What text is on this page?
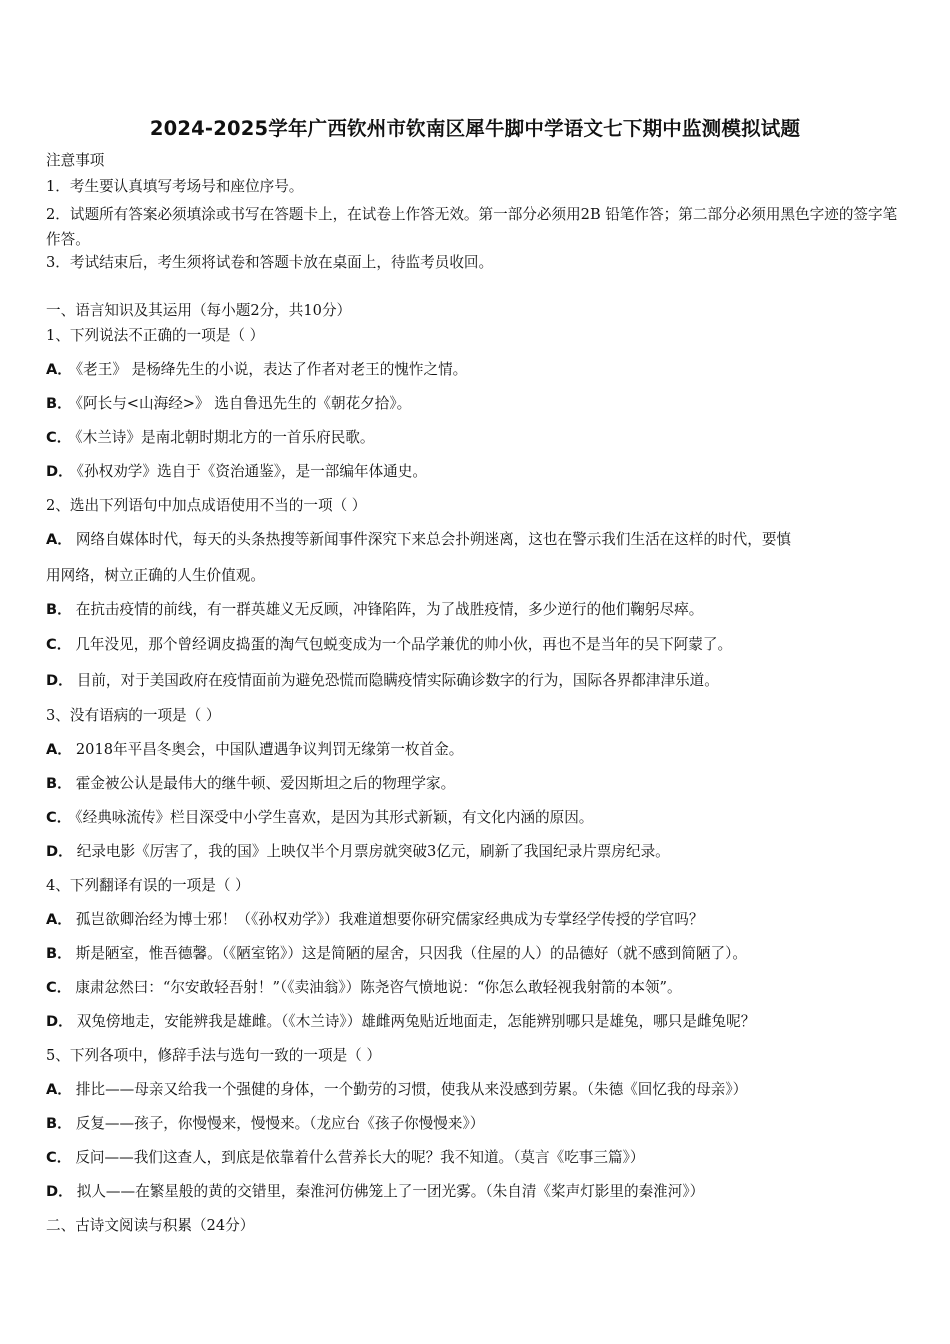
2024-2025学年广西钦州市钦南区犀牛脚中学语文七下期中监测模拟试题
注意事项
1．考生要认真填写考场号和座位序号。
2．试题所有答案必须填涂或书写在答题卡上，在试卷上作答无效。第一部分必须用2B 铅笔作答；第二部分必须用黑色字迹的签字笔作答。
3．考试结束后，考生须将试卷和答题卡放在桌面上，待监考员收回。
一、语言知识及其运用（每小题2分，共10分）
1、下列说法不正确的一项是（ ）
A． 《老王》 是杨绛先生的小说，表达了作者对老王的愧怍之情。
B． 《阿长与<山海经>》 选自鲁迅先生的《朝花夕拾》。
C． 《木兰诗》是南北朝时期北方的一首乐府民歌。
D． 《孙权劝学》选自于《资治通鉴》，是一部编年体通史。
2、选出下列语句中加点成语使用不当的一项（ ）
A． 网络自媒体时代，每天的头条热搜等新闻事件深究下来总会扑朔迷离，这也在警示我们生活在这样的时代，要慎
用网络，树立正确的人生价值观。
B． 在抗击疫情的前线，有一群英雄义无反顾，冲锋陷阵，为了战胜疫情，多少逆行的他们鞠躬尽瘁。
C． 几年没见，那个曾经调皮捣蛋的淘气包蜕变成为一个品学兼优的帅小伙，再也不是当年的吴下阿蒙了。
D． 目前，对于美国政府在疫情面前为避免恐慌而隐瞒疫情实际确诊数字的行为，国际各界都津津乐道。
3、没有语病的一项是（ ）
A． 2018年平昌冬奥会，中国队遭遇争议判罚无缘第一枚首金。
B． 霍金被公认是最伟大的继牛顿、爱因斯坦之后的物理学家。
C． 《经典咏流传》栏目深受中小学生喜欢，是因为其形式新颖，有文化内涵的原因。
D． 纪录电影《厉害了，我的国》上映仅半个月票房就突破3亿元，刷新了我国纪录片票房纪录。
4、下列翻译有误的一项是（ ）
A． 孤岂欲卿治经为博士邪！（《孙权劝学》）我难道想要你研究儒家经典成为专掌经学传授的学官吗？
B． 斯是陋室，惟吾德馨。（《陋室铭》）这是简陋的屋舍，只因我（住屋的人）的品德好（就不感到简陋了）。
C． 康肃忿然曰：“尔安敢轻吾射！”（《卖油翁》）陈尧咨气愤地说：“你怎么敢轻视我射箭的本领”。
D． 双兔傍地走，安能辨我是雄雌。（《木兰诗》）雄雌两兔贴近地面走，怎能辨别哪只是雄兔，哪只是雌兔呢？
5、下列各项中，修辞手法与选句一致的一项是（ ）
A． 排比——母亲又给我一个强健的身体，一个勤劳的习惯，使我从来没感到劳累。（朱德《回忆我的母亲》）
B． 反复——孩子，你慢慢来，慢慢来。（龙应台《孩子你慢慢来》）
C． 反问——我们这查人，到底是依靠着什么营养长大的呢？我不知道。（莫言《吃事三篇》）
D． 拟人——在繁星般的黄的交错里，秦淮河仿佛笼上了一团光雾。（朱自清《桨声灯影里的秦淮河》）
二、古诗文阅读与积累（24分）
